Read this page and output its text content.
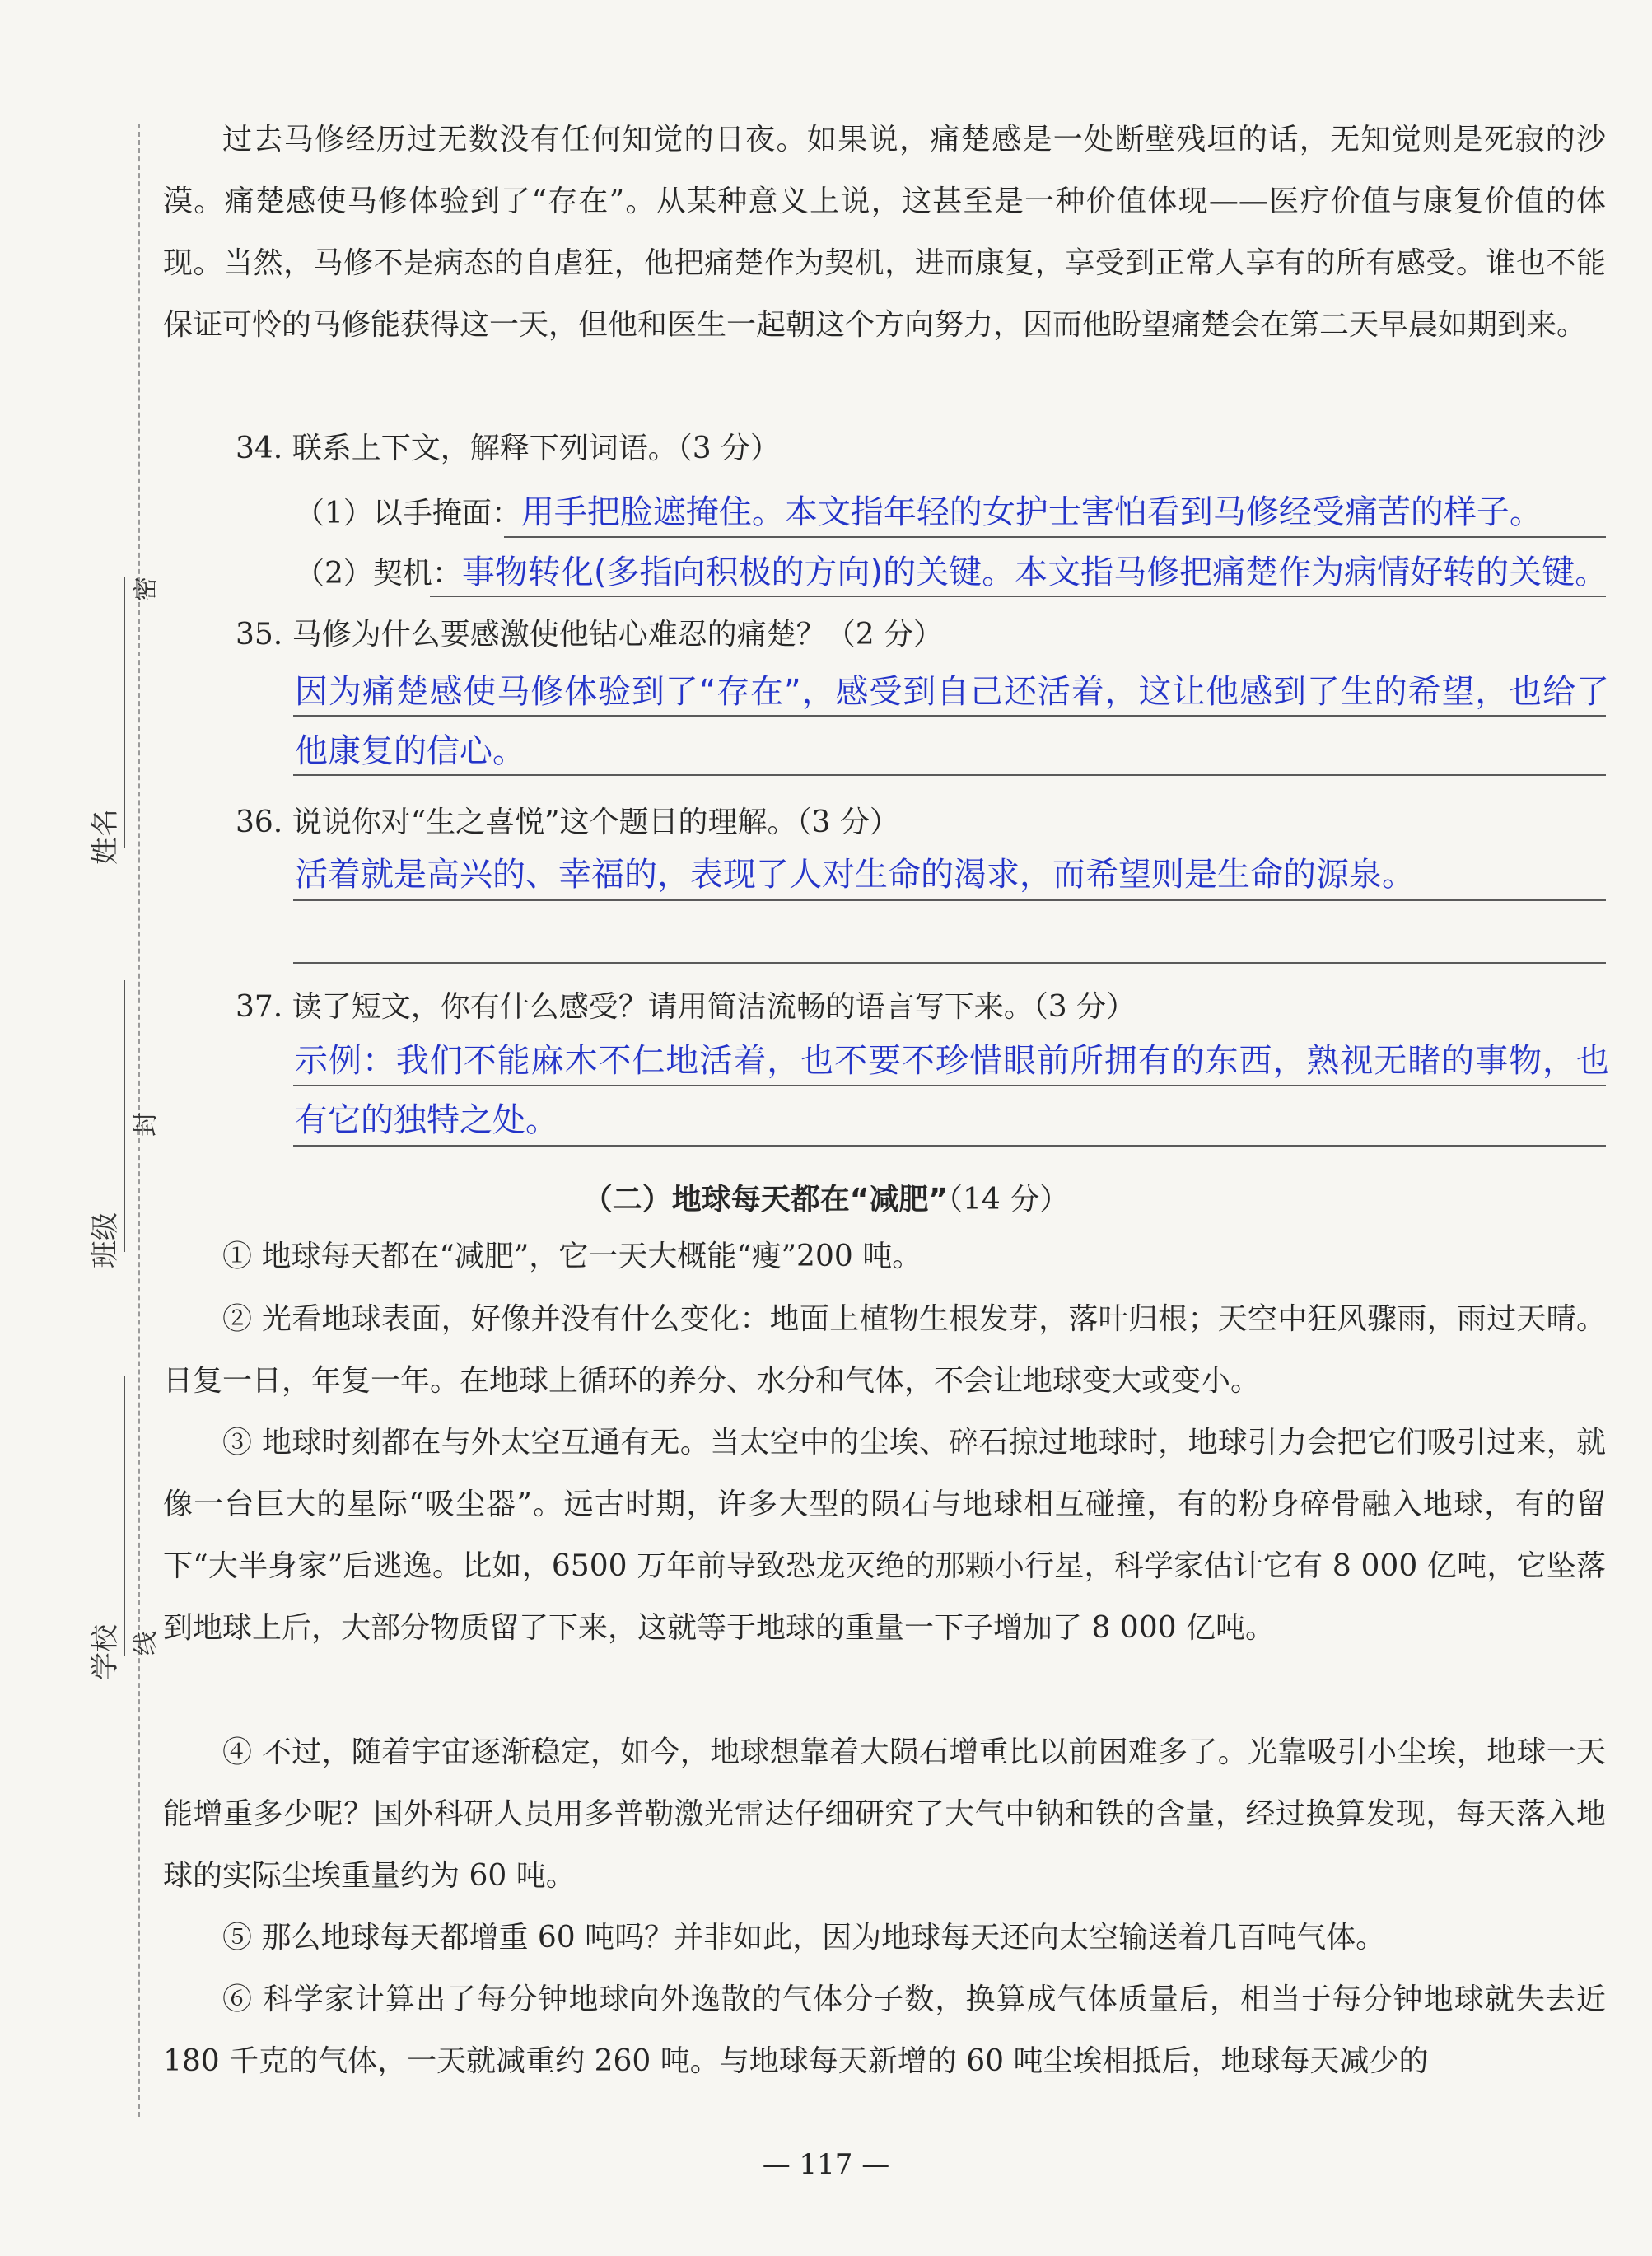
姓名
班级
学校
密
封
线

过去马修经历过无数没有任何知觉的日夜。如果说，痛楚感是一处断壁残垣的话，无知觉则是死寂的沙漠。痛楚感使马修体验到了“存在”。从某种意义上说，这甚至是一种价值体现——医疗价值与康复价值的体现。当然，马修不是病态的自虐狂，他把痛楚作为契机，进而康复，享受到正常人享有的所有感受。谁也不能保证可怜的马修能获得这一天，但他和医生一起朝这个方向努力，因而他盼望痛楚会在第二天早晨如期到来。

34. 联系上下文，解释下列词语。（3 分）

（1）以手掩面：用手把脸遮掩住。本文指年轻的女护士害怕看到马修经受痛苦的样子。

（2）契机：事物转化(多指向积极的方向)的关键。本文指马修把痛楚作为病情好转的关键。

35. 马修为什么要感激使他钻心难忍的痛楚？（2 分）

因为痛楚感使马修体验到了“存在”，感受到自己还活着，这让他感到了生的希望，也给了他康复的信心。

36. 说说你对“生之喜悦”这个题目的理解。（3 分）

活着就是高兴的、幸福的，表现了人对生命的渴求，而希望则是生命的源泉。

37. 读了短文，你有什么感受？请用简洁流畅的语言写下来。（3 分）

示例：我们不能麻木不仁地活着，也不要不珍惜眼前所拥有的东西，熟视无睹的事物，也有它的独特之处。

（二）地球每天都在“减肥”（14 分）

① 地球每天都在“减肥”，它一天大概能“瘦”200 吨。

② 光看地球表面，好像并没有什么变化：地面上植物生根发芽，落叶归根；天空中狂风骤雨，雨过天晴。日复一日，年复一年。在地球上循环的养分、水分和气体，不会让地球变大或变小。

③ 地球时刻都在与外太空互通有无。当太空中的尘埃、碎石掠过地球时，地球引力会把它们吸引过来，就像一台巨大的星际“吸尘器”。远古时期，许多大型的陨石与地球相互碰撞，有的粉身碎骨融入地球，有的留下“大半身家”后逃逸。比如，6500 万年前导致恐龙灭绝的那颗小行星，科学家估计它有 8 000 亿吨，它坠落到地球上后，大部分物质留了下来，这就等于地球的重量一下子增加了 8 000 亿吨。

④ 不过，随着宇宙逐渐稳定，如今，地球想靠着大陨石增重比以前困难多了。光靠吸引小尘埃，地球一天能增重多少呢？国外科研人员用多普勒激光雷达仔细研究了大气中钠和铁的含量，经过换算发现，每天落入地球的实际尘埃重量约为 60 吨。

⑤ 那么地球每天都增重 60 吨吗？并非如此，因为地球每天还向太空输送着几百吨气体。

⑥ 科学家计算出了每分钟地球向外逸散的气体分子数，换算成气体质量后，相当于每分钟地球就失去近 180 千克的气体，一天就减重约 260 吨。与地球每天新增的 60 吨尘埃相抵后，地球每天减少的

— 117 —
